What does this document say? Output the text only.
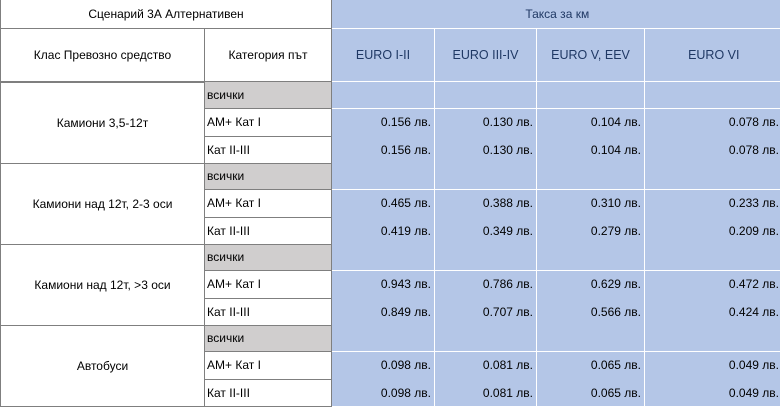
Сценарий 3А Алтернативен		Такса за км			
Клас Превозно средство	Категория път	EURO I-II	EURO III-IV	EURO V, EEV	EURO VI
Камиони 3,5-12т	всички				
	АМ+ Кат I	0.156 лв.	0.130 лв.	0.104 лв.	0.078 лв.
	Кат II-III	0.156 лв.	0.130 лв.	0.104 лв.	0.078 лв.
Камиони над 12т, 2-3 оси	всички				
	АМ+ Кат I	0.465 лв.	0.388 лв.	0.310 лв.	0.233 лв.
	Кат II-III	0.419 лв.	0.349 лв.	0.279 лв.	0.209 лв.
Камиони над 12т, >3 оси	всички				
	АМ+ Кат I	0.943 лв.	0.786 лв.	0.629 лв.	0.472 лв.
	Кат II-III	0.849 лв.	0.707 лв.	0.566 лв.	0.424 лв.
Автобуси	всички				
	АМ+ Кат I	0.098 лв.	0.081 лв.	0.065 лв.	0.049 лв.
	Кат II-III	0.098 лв.	0.081 лв.	0.065 лв.	0.049 лв.
